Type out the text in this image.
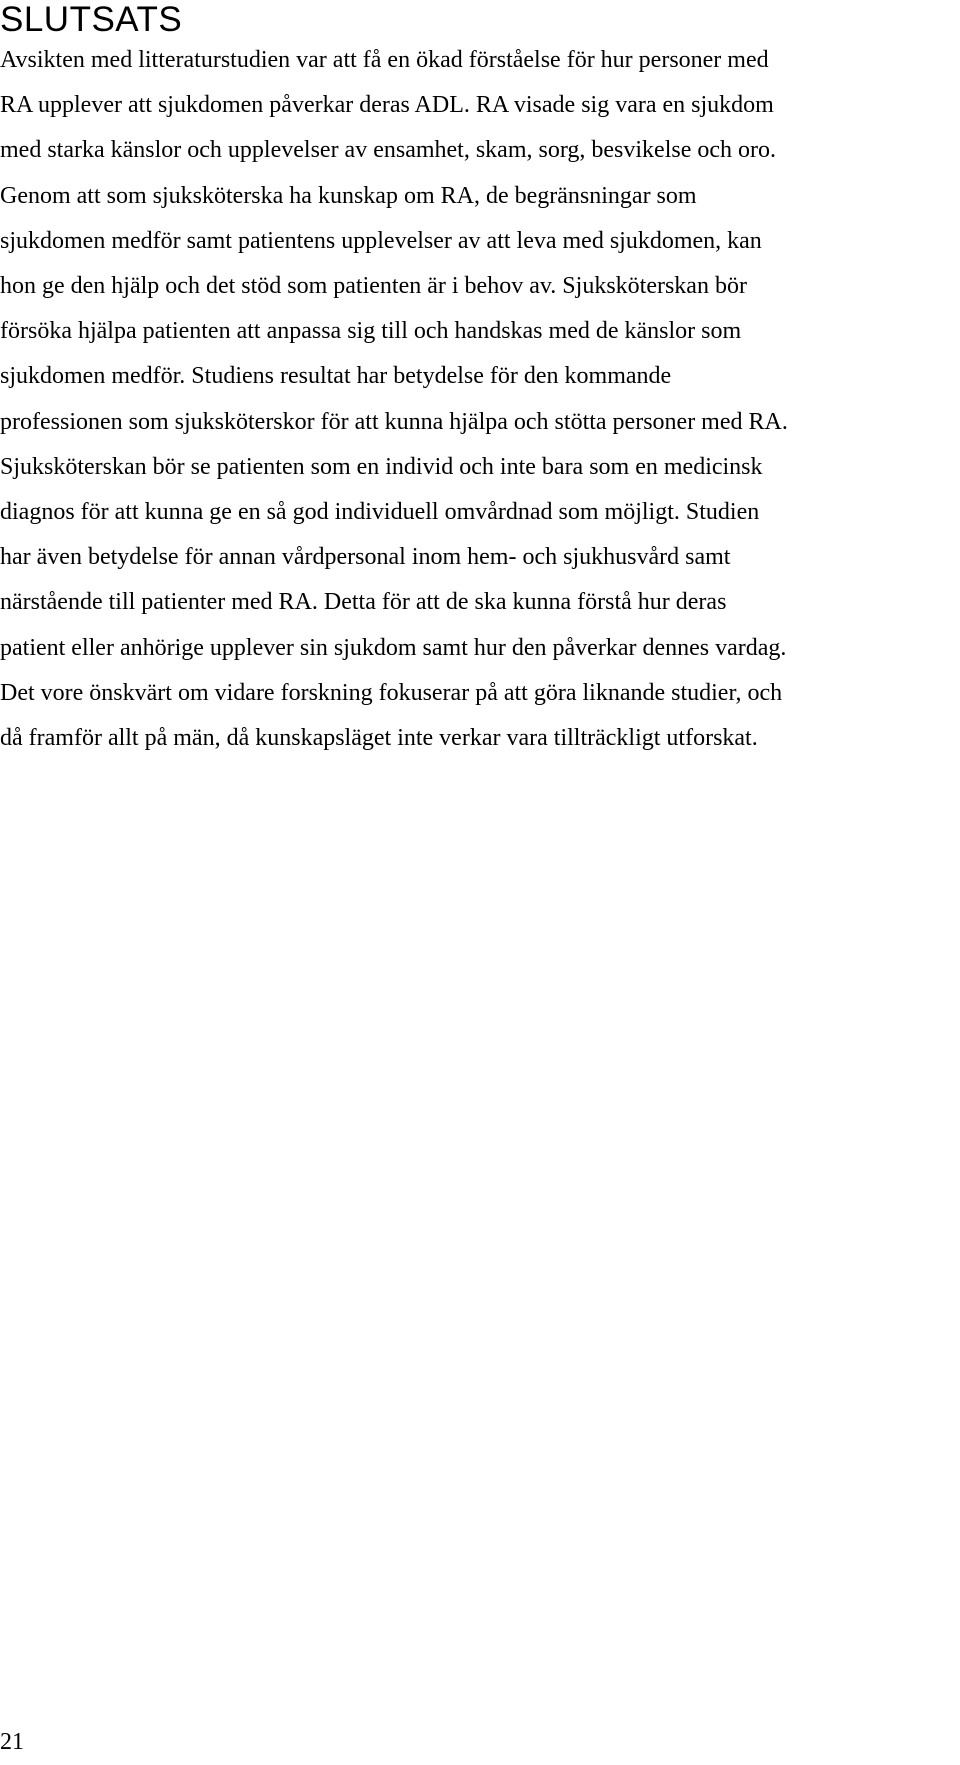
SLUTSATS

Avsikten med litteraturstudien var att få en ökad förståelse för hur personer med
RA upplever att sjukdomen påverkar deras ADL. RA visade sig vara en sjukdom
med starka känslor och upplevelser av ensamhet, skam, sorg, besvikelse och oro.
Genom att som sjuksköterska ha kunskap om RA, de begränsningar som
sjukdomen medför samt patientens upplevelser av att leva med sjukdomen, kan
hon ge den hjälp och det stöd som patienten är i behov av. Sjuksköterskan bör
försöka hjälpa patienten att anpassa sig till och handskas med de känslor som
sjukdomen medför. Studiens resultat har betydelse för den kommande
professionen som sjuksköterskor för att kunna hjälpa och stötta personer med RA.
Sjuksköterskan bör se patienten som en individ och inte bara som en medicinsk
diagnos för att kunna ge en så god individuell omvårdnad som möjligt. Studien
har även betydelse för annan vårdpersonal inom hem- och sjukhusvård samt
närstående till patienter med RA. Detta för att de ska kunna förstå hur deras
patient eller anhörige upplever sin sjukdom samt hur den påverkar dennes vardag.
Det vore önskvärt om vidare forskning fokuserar på att göra liknande studier, och
då framför allt på män, då kunskapsläget inte verkar vara tillträckligt utforskat.

21
